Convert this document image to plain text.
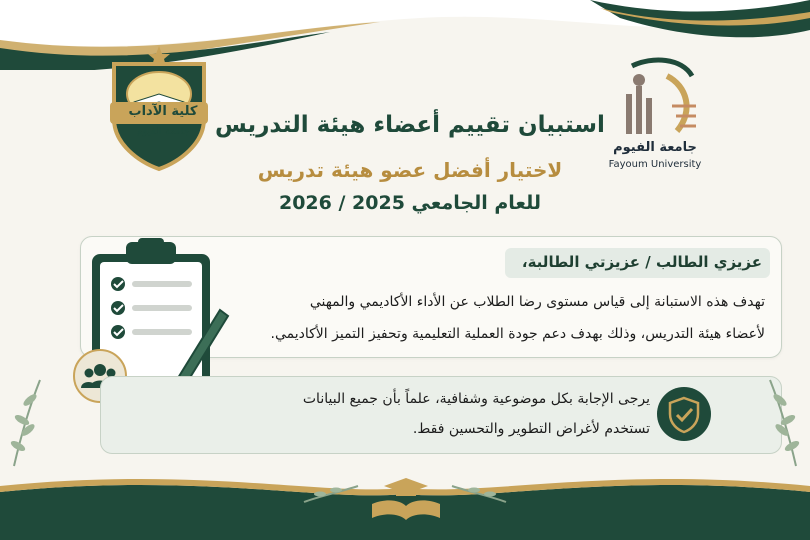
كلية الآداب
جامعة الفيوم
جامعة الفيوم
Fayoum University
استبيان تقييم أعضاء هيئة التدريس
لاختيار أفضل عضو هيئة تدريس
للعام الجامعي 2025 / 2026
عزيزي الطالب / عزيزتي الطالبة،
تهدف هذه الاستبانة إلى قياس مستوى رضا الطلاب عن الأداء الأكاديمي والمهني
لأعضاء هيئة التدريس، وذلك بهدف دعم جودة العملية التعليمية وتحفيز التميز الأكاديمي.
يرجى الإجابة بكل موضوعية وشفافية، علماً بأن جميع البيانات
تستخدم لأغراض التطوير والتحسين فقط.
